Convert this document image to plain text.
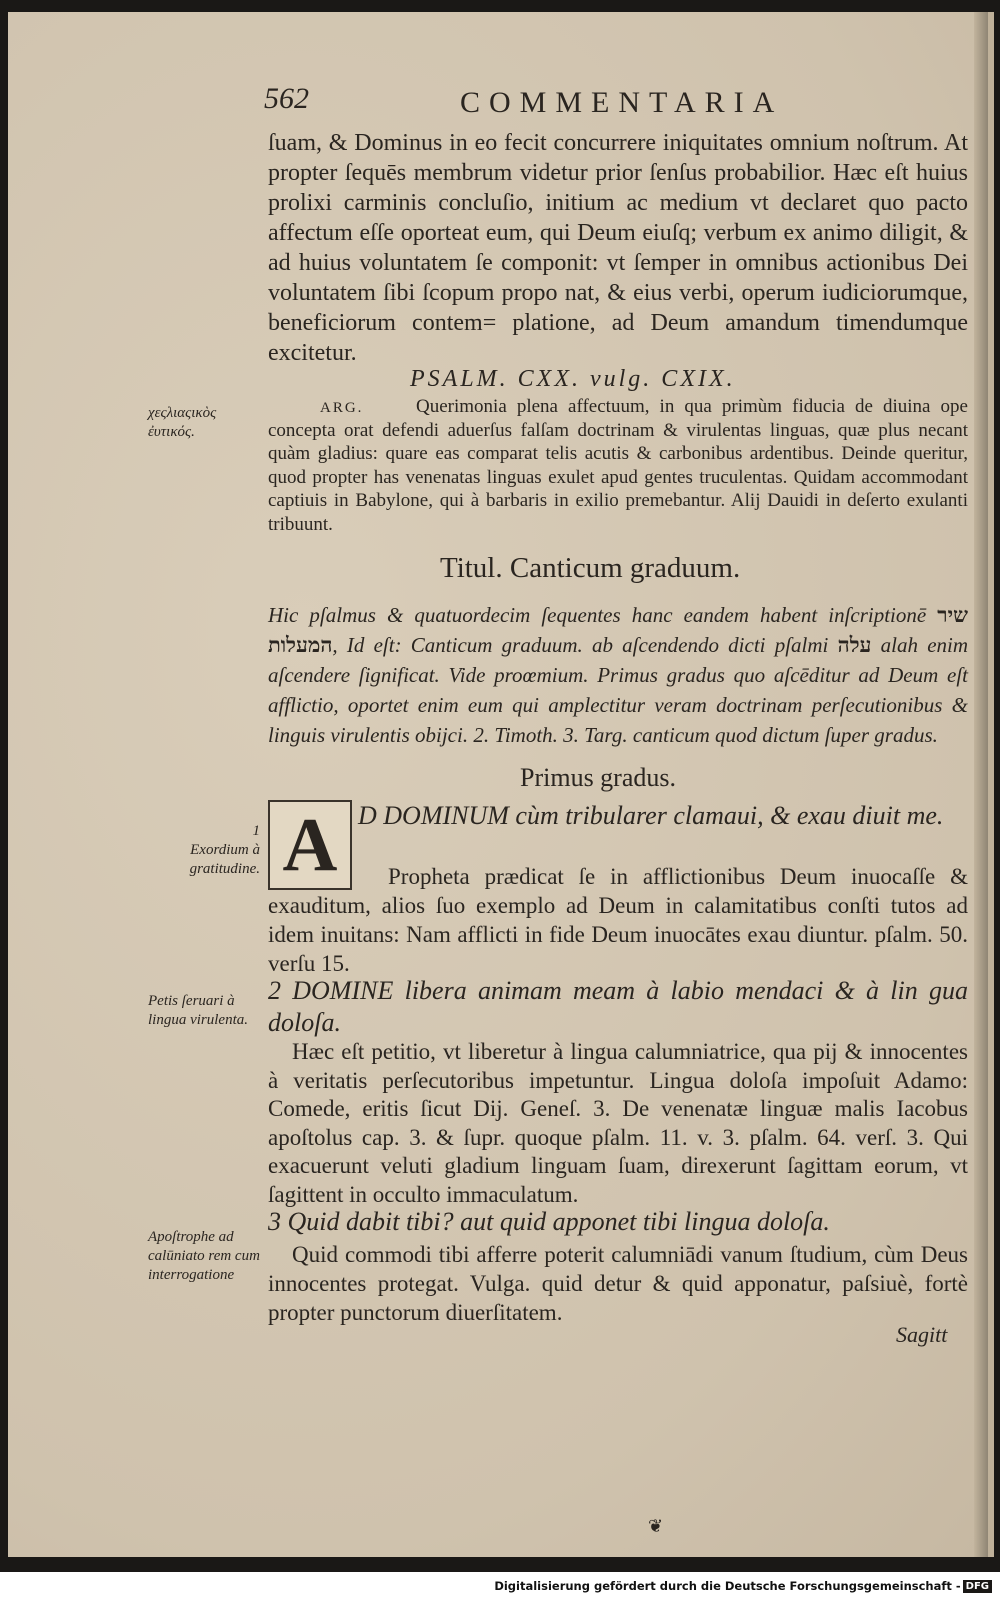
562	COMMENTARIA
ſuam, & Dominus in eo fecit concurrere iniquitates omnium noſtrum. At propter ſequēs membrum videtur prior ſenſus probabilior. Hæc eſt huius prolixi carminis concluſio, initium ac medium vt declaret quo pacto affectum eſſe oporteat eum, qui Deum eiuſq; verbum ex animo diligit, & ad huius voluntatem ſe componit: vt ſemper in omnibus actionibus Dei voluntatem ſibi ſcopum propo nat, & eius verbi, operum iudiciorumque, beneficiorum contem= platione, ad Deum amandum timendumque excitetur.
PSALM. CXX. vulg. CXIX.
χεςλιαςικὸς ἐυτικός.
ARG.	Querimonia plena affectuum, in qua primùm fiducia de diuina ope concepta orat defendi aduerſus falſam doctrinam & virulentas linguas, quæ plus necant quàm gladius: quare eas comparat telis acutis & carbonibus ardentibus. Deinde queritur, quod propter has venenatas linguas exulet apud gentes truculentas. Quidam accommodant captiuis in Babylone, qui à barbaris in exilio premebantur. Alij Dauidi in deſerto exulanti tribuunt.
Titul. Canticum graduum.
Hic pſalmus & quatuordecim ſequentes hanc eandem habent inſcriptionē שיר המעלות, Id eſt: Canticum graduum. ab aſcendendo dicti pſalmi עלה alah enim aſcendere ſignificat. Vide proœmium. Primus gradus quo aſcēditur ad Deum eſt afflictio, oportet enim eum qui amplectitur veram doctrinam perſecutionibus & linguis virulentis obijci. 2. Timoth. 3. Targ. canticum quod dictum ſuper gradus.
Primus gradus.
A D DOMINUM cùm tribularer clamaui, & exau diuit me.
1
Exordium à gratitudine.	Propheta prædicat ſe in afflictionibus Deum inuocaſſe & exauditum, alios ſuo exemplo ad Deum in calamitatibus conſti tutos ad idem inuitans: Nam afflicti in fide Deum inuocātes exau diuntur. pſalm. 50. verſu 15.
Petis ſeruari à lingua virulenta.
2 DOMINE libera animam meam à labio mendaci & à lin gua doloſa.
Hæc eſt petitio, vt liberetur à lingua calumniatrice, qua pij & innocentes à veritatis perſecutoribus impetuntur. Lingua doloſa impoſuit Adamo: Comede, eritis ſicut Dij. Geneſ. 3. De venenatæ linguæ malis Iacobus apoſtolus cap. 3. & ſupr. quoque pſalm. 11. v. 3. pſalm. 64. verſ. 3. Qui exacuerunt veluti gladium linguam ſuam, direxerunt ſagittam eorum, vt ſagittent in occulto immaculatum.
Apoſtrophe ad calūniato rem cum interrogatione
3 Quid dabit tibi? aut quid apponet tibi lingua doloſa.
Quid commodi tibi afferre poterit calumniādi vanum ſtudium, cùm Deus innocentes protegat. Vulga. quid detur & quid apponatur, paſsiuè, fortè propter punctorum diuerſitatem.
Sagitt
❦
Digitalisierung gefördert durch die Deutsche Forschungsgemeinschaft - DFG
